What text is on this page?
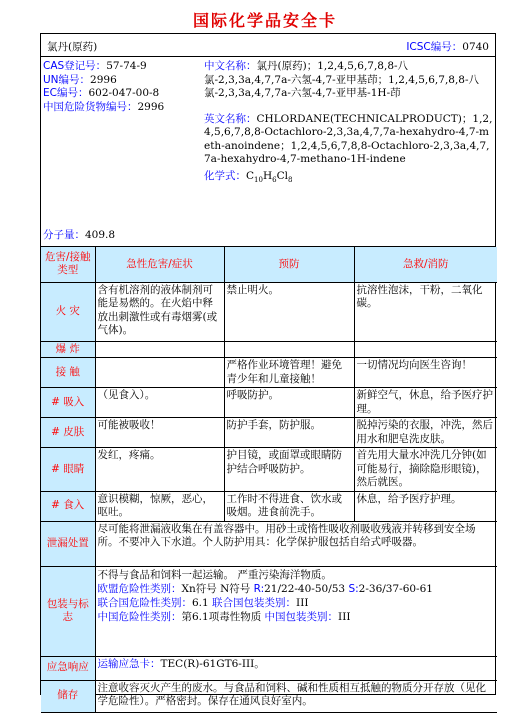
国际化学品安全卡
氯丹(原药)	ICSC编号：0740
CAS登记号：57-74-9
UN编号：2996
EC编号：602-047-00-8
中国危险货物编号：2996
分子量：409.8
中文名称：氯丹(原药)；1,2,4,5,6,7,8,8-八氯-2,3,3a,4,7,7a-六氢-4,7-亚甲基茚；1,2,4,5,6,7,8,8-八氯-2,3,3a,4,7,7a-六氢-4,7-亚甲基-1H-茚
英文名称：CHLORDANE(TECHNICALPRODUCT)；1,2,4,5,6,7,8,8-Octachloro-2,3,3a,4,7,7a-hexahydro-4,7-meth-anoindene；1,2,4,5,6,7,8,8-Octachloro-2,3,3a,4,7,7a-hexahydro-4,7-methano-1H-indene
化学式：$C_{10}H_6Cl_8$
危害/接触类型	急性危害/症状	预防	急救/消防
火 灾	含有机溶剂的液体制剂可能是易燃的。在火焰中释放出刺激性或有毒烟雾(或气体)。	禁止明火。	抗溶性泡沫，干粉，二氧化碳。
爆 炸			
接 触		严格作业环境管理！避免青少年和儿童接触！	一切情况均向医生咨询！
# 吸入	（见食入）。	呼吸防护。	新鲜空气，休息，给予医疗护理。
# 皮肤	可能被吸收！	防护手套，防护服。	脱掉污染的衣服，冲洗，然后用水和肥皂洗皮肤。
# 眼睛	发红，疼痛。	护目镜，或面罩或眼睛防护结合呼吸防护。	首先用大量水冲洗几分钟(如可能易行，摘除隐形眼镜)，然后就医。
# 食入	意识模糊，惊厥，恶心，呕吐。	工作时不得进食、饮水或吸烟。进食前洗手。	休息，给予医疗护理。
泄漏处置	尽可能将泄漏液收集在有盖容器中。用砂土或惰性吸收剂吸收残液并转移到安全场所。不要冲入下水道。个人防护用具：化学保护服包括自给式呼吸器。		
包装与标志	不得与食品和饲料一起运输。 严重污染海洋物质。
欧盟危险性类别：Xn符号 N符号 R:21/22-40-50/53 S:2-36/37-60-61
联合国危险性类别：6.1 联合国包装类别：III
中国危险性类别：第6.1项毒性物质 中国包装类别：III		

应急响应	运输应急卡：TEC(R)-61GT6-III。		
储存	注意收容灭火产生的废水。与食品和饲料、碱和性质相互抵触的物质分开存放（见化学危险性）。严格密封。保存在通风良好室内。		
